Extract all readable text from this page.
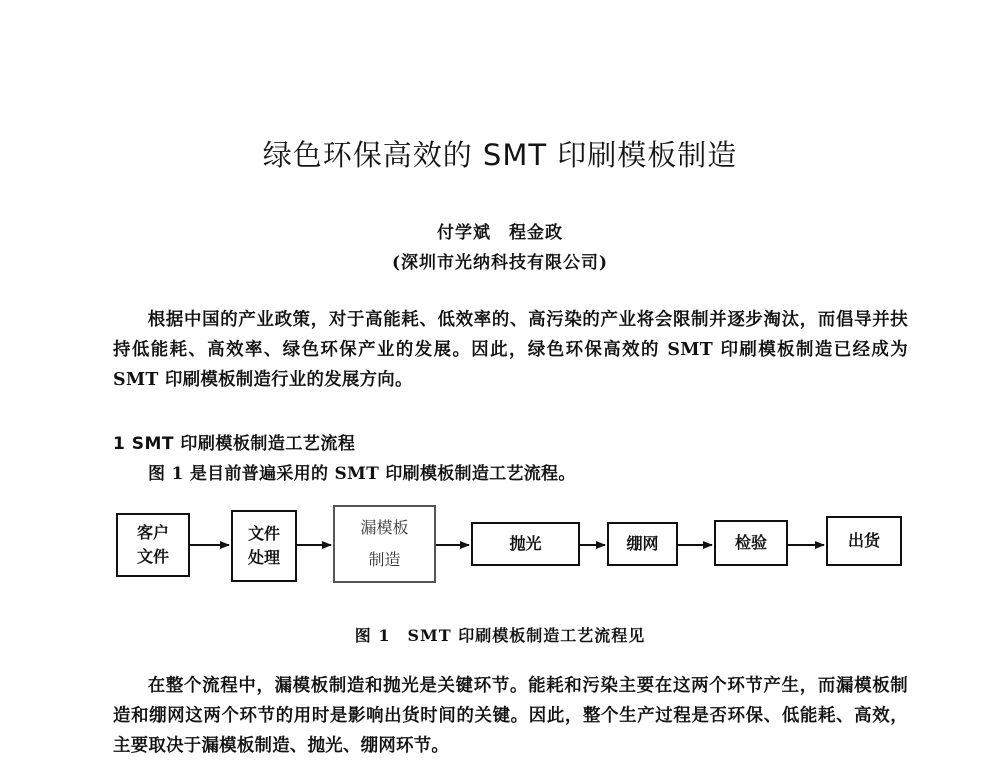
绿色环保高效的 SMT 印刷模板制造
付学斌　程金政
(深圳市光纳科技有限公司)

根据中国的产业政策，对于高能耗、低效率的、高污染的产业将会限制并逐步淘汰，而倡导并扶持低能耗、高效率、绿色环保产业的发展。因此，绿色环保高效的 SMT 印刷模板制造已经成为 SMT 印刷模板制造行业的发展方向。

1 SMT 印刷模板制造工艺流程
图 1 是目前普遍采用的 SMT 印刷模板制造工艺流程。
客户
文件
文件
处理
漏模板
制造
抛光	绷网	检验	出货
图 1　SMT 印刷模板制造工艺流程见

在整个流程中，漏模板制造和抛光是关键环节。能耗和污染主要在这两个环节产生，而漏模板制造和绷网这两个环节的用时是影响出货时间的关键。因此，整个生产过程是否环保、低能耗、高效，主要取决于漏模板制造、抛光、绷网环节。
